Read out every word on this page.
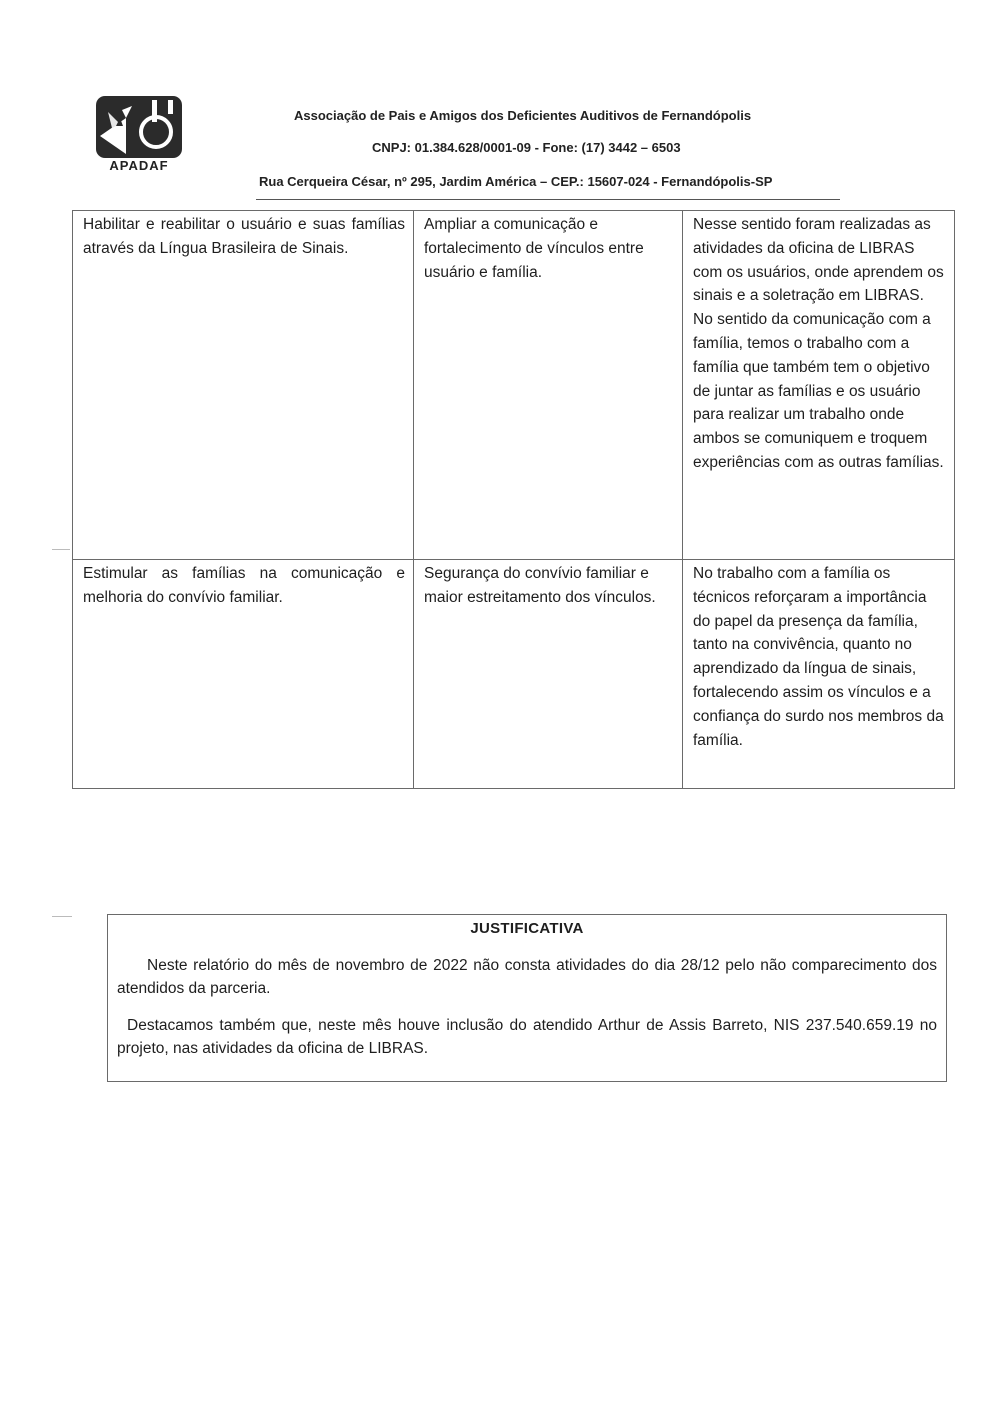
APADAF
Associação de Pais e Amigos dos Deficientes Auditivos de Fernandópolis
CNPJ: 01.384.628/0001-09 - Fone: (17) 3442 – 6503
Rua Cerqueira César, nº 295, Jardim América – CEP.: 15607-024 - Fernandópolis-SP
Habilitar e reabilitar o usuário e suas famílias através da Língua Brasileira de Sinais.	Ampliar a comunicação e fortalecimento de vínculos entre usuário e família.	Nesse sentido foram realizadas as atividades da oficina de LIBRAS com os usuários, onde aprendem os sinais e a soletração em LIBRAS. No sentido da comunicação com a família, temos o trabalho com a família que também tem o objetivo de juntar as famílias e os usuário para realizar um trabalho onde ambos se comuniquem e troquem experiências com as outras famílias.
Estimular as famílias na comunicação e melhoria do convívio familiar.	Segurança do convívio familiar e maior estreitamento dos vínculos.	No trabalho com a família os técnicos reforçaram a importância do papel da presença da família, tanto na convivência, quanto no aprendizado da língua de sinais, fortalecendo assim os vínculos e a confiança do surdo nos membros da família.
JUSTIFICATIVA

Neste relatório do mês de novembro de 2022 não consta atividades do dia 28/12 pelo não comparecimento dos atendidos da parceria.

Destacamos também que, neste mês houve inclusão do atendido Arthur de Assis Barreto, NIS 237.540.659.19 no projeto, nas atividades da oficina de LIBRAS.
